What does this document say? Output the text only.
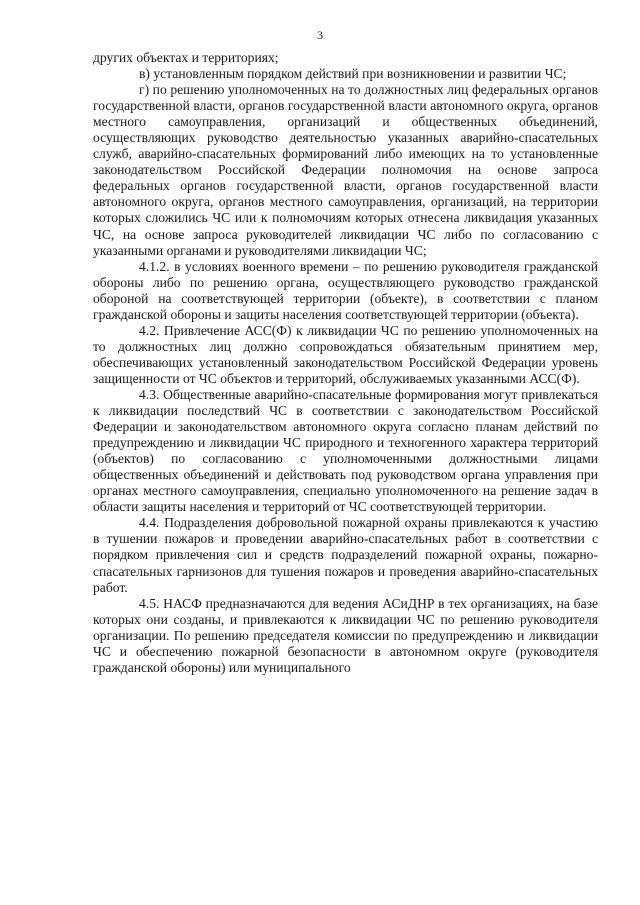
3

других объектах и территориях;

в) установленным порядком действий при возникновении и развитии ЧС;

г) по решению уполномоченных на то должностных лиц федеральных органов государственной власти, органов государственной власти автономного округа, органов местного самоуправления, организаций и общественных объединений, осуществляющих руководство деятельностью указанных аварийно-спасательных служб, аварийно-спасательных формирований либо имеющих на то установленные законодательством Российской Федерации полномочия на основе запроса федеральных органов государственной власти, органов государственной власти автономного округа, органов местного самоуправления, организаций, на территории которых сложились ЧС или к полномочиям которых отнесена ликвидация указанных ЧС, на основе запроса руководителей ликвидации ЧС либо по согласованию с указанными органами и руководителями ликвидации ЧС;

4.1.2. в условиях военного времени – по решению руководителя гражданской обороны либо по решению органа, осуществляющего руководство гражданской обороной на соответствующей территории (объекте), в соответствии с планом гражданской обороны и защиты населения соответствующей территории (объекта).

4.2. Привлечение АСС(Ф) к ликвидации ЧС по решению уполномоченных на то должностных лиц должно сопровождаться обязательным принятием мер, обеспечивающих установленный законодательством Российской Федерации уровень защищенности от ЧС объектов и территорий, обслуживаемых указанными АСС(Ф).

4.3. Общественные аварийно-спасательные формирования могут привлекаться к ликвидации последствий ЧС в соответствии с законодательством Российской Федерации и законодательством автономного округа согласно планам действий по предупреждению и ликвидации ЧС природного и техногенного характера территорий (объектов) по согласованию с уполномоченными должностными лицами общественных объединений и действовать под руководством органа управления при органах местного самоуправления, специально уполномоченного на решение задач в области защиты населения и территорий от ЧС соответствующей территории.

4.4. Подразделения добровольной пожарной охраны привлекаются к участию в тушении пожаров и проведении аварийно-спасательных работ в соответствии с порядком привлечения сил и средств подразделений пожарной охраны, пожарно-спасательных гарнизонов для тушения пожаров и проведения аварийно-спасательных работ.

4.5. НАСФ предназначаются для ведения АСиДНР в тех организациях, на базе которых они созданы, и привлекаются к ликвидации ЧС по решению руководителя организации. По решению председателя комиссии по предупреждению и ликвидации ЧС и обеспечению пожарной безопасности в автономном округе (руководителя гражданской обороны) или муниципального
